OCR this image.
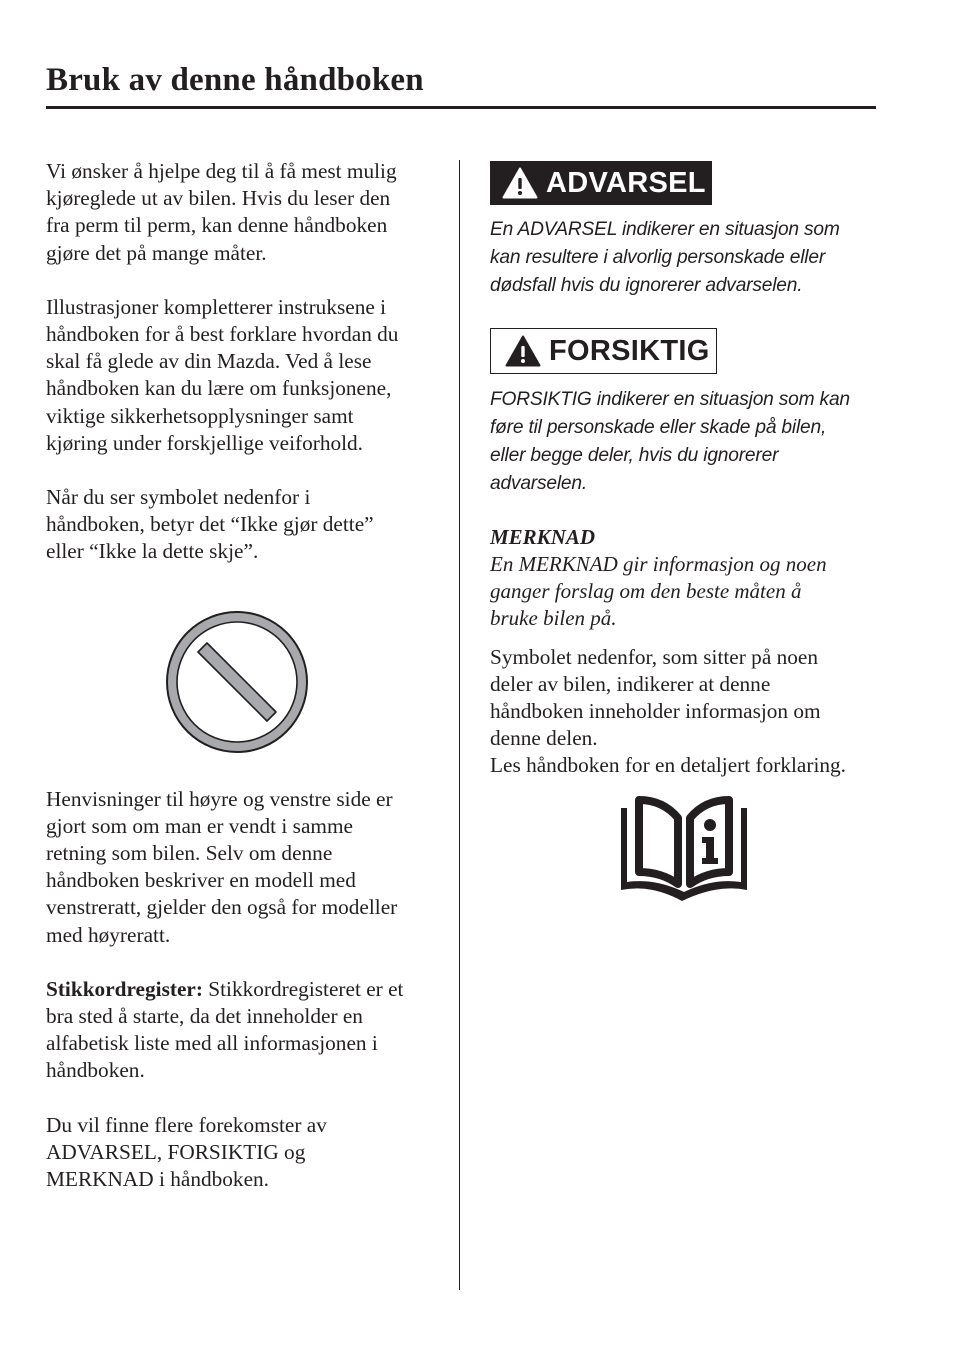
Bruk av denne håndboken

Vi ønsker å hjelpe deg til å få mest mulig
kjøreglede ut av bilen. Hvis du leser den
fra perm til perm, kan denne håndboken
gjøre det på mange måter.

Illustrasjoner kompletterer instruksene i
håndboken for å best forklare hvordan du
skal få glede av din Mazda. Ved å lese
håndboken kan du lære om funksjonene,
viktige sikkerhetsopplysninger samt
kjøring under forskjellige veiforhold.

Når du ser symbolet nedenfor i
håndboken, betyr det “Ikke gjør dette”
eller “Ikke la dette skje”.

Henvisninger til høyre og venstre side er
gjort som om man er vendt i samme
retning som bilen. Selv om denne
håndboken beskriver en modell med
venstreratt, gjelder den også for modeller
med høyreratt.

Stikkordregister: Stikkordregisteret er et
bra sted å starte, da det inneholder en
alfabetisk liste med all informasjonen i
håndboken.

Du vil finne flere forekomster av
ADVARSEL, FORSIKTIG og
MERKNAD i håndboken.

ADVARSEL

En ADVARSEL indikerer en situasjon som
kan resultere i alvorlig personskade eller
dødsfall hvis du ignorerer advarselen.

FORSIKTIG

FORSIKTIG indikerer en situasjon som kan
føre til personskade eller skade på bilen,
eller begge deler, hvis du ignorerer
advarselen.

MERKNAD

En MERKNAD gir informasjon og noen
ganger forslag om den beste måten å
bruke bilen på.

Symbolet nedenfor, som sitter på noen
deler av bilen, indikerer at denne
håndboken inneholder informasjon om
denne delen.
Les håndboken for en detaljert forklaring.
